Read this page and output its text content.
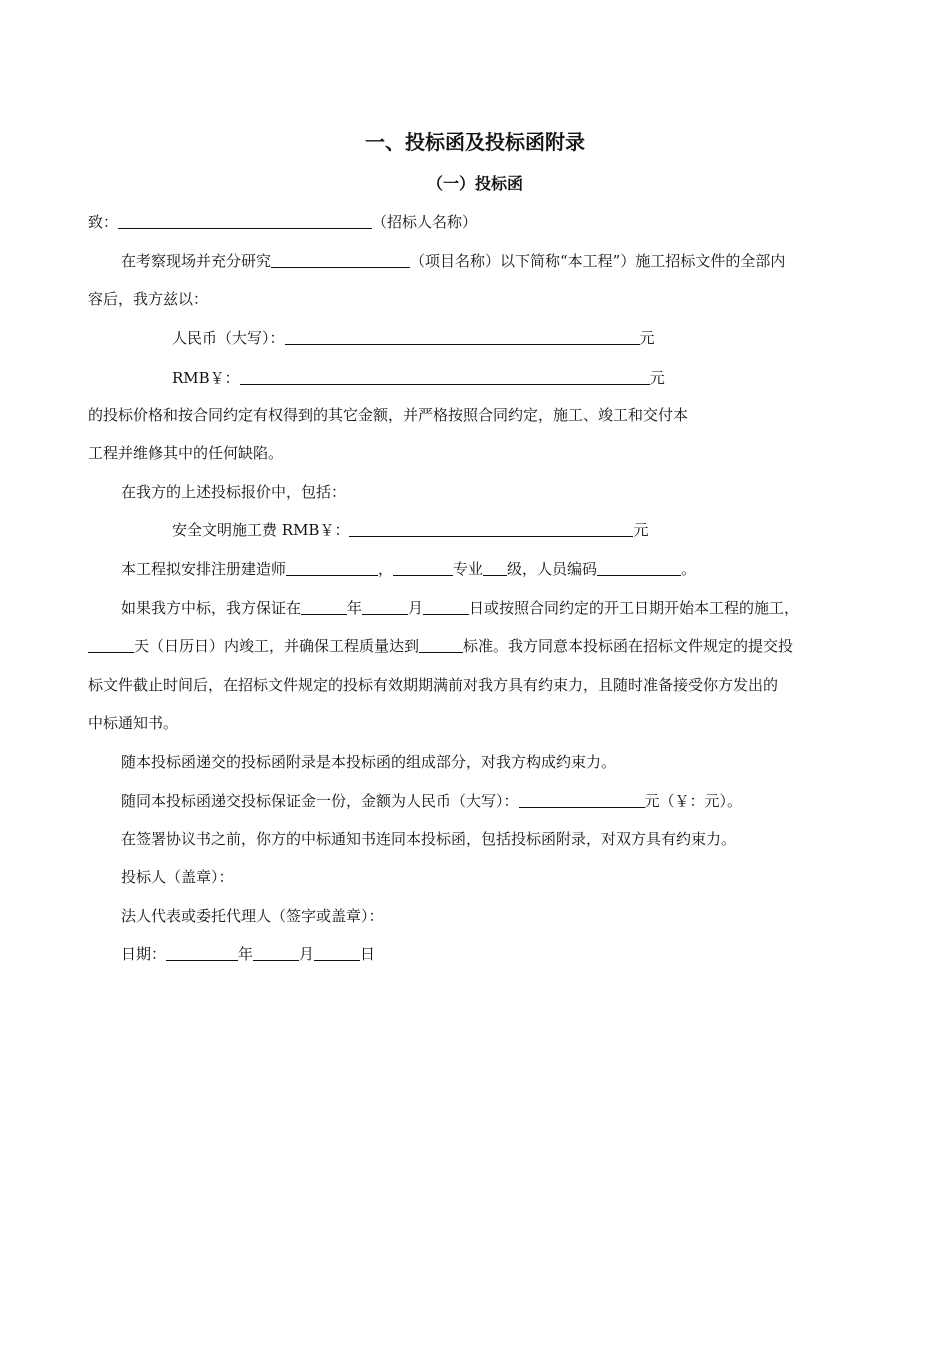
一、投标函及投标函附录
（一）投标函
致：	（招标人名称）
在考察现场并充分研究	（项目名称）以下简称“本工程”）施工招标文件的全部内
容后，我方兹以：
人民币（大写）：	元
RMB￥：	元
的投标价格和按合同约定有权得到的其它金额，并严格按照合同约定，施工、竣工和交付本
工程并维修其中的任何缺陷。
在我方的上述投标报价中，包括：
安全文明施工费 RMB￥：	元
本工程拟安排注册建造师	，	专业 级，人员编码	。
如果我方中标，我方保证在	年	月	日或按照合同约定的开工日期开始本工程的施工，
天（日历日）内竣工，并确保工程质量达到	标准。我方同意本投标函在招标文件规定的提交投
标文件截止时间后，在招标文件规定的投标有效期期满前对我方具有约束力，且随时准备接受你方发出的
中标通知书。
随本投标函递交的投标函附录是本投标函的组成部分，对我方构成约束力。
随同本投标函递交投标保证金一份，金额为人民币（大写）：	元（￥：元）。
在签署协议书之前，你方的中标通知书连同本投标函，包括投标函附录，对双方具有约束力。
投标人（盖章）：
法人代表或委托代理人（签字或盖章）：
日期：	年	月	日
